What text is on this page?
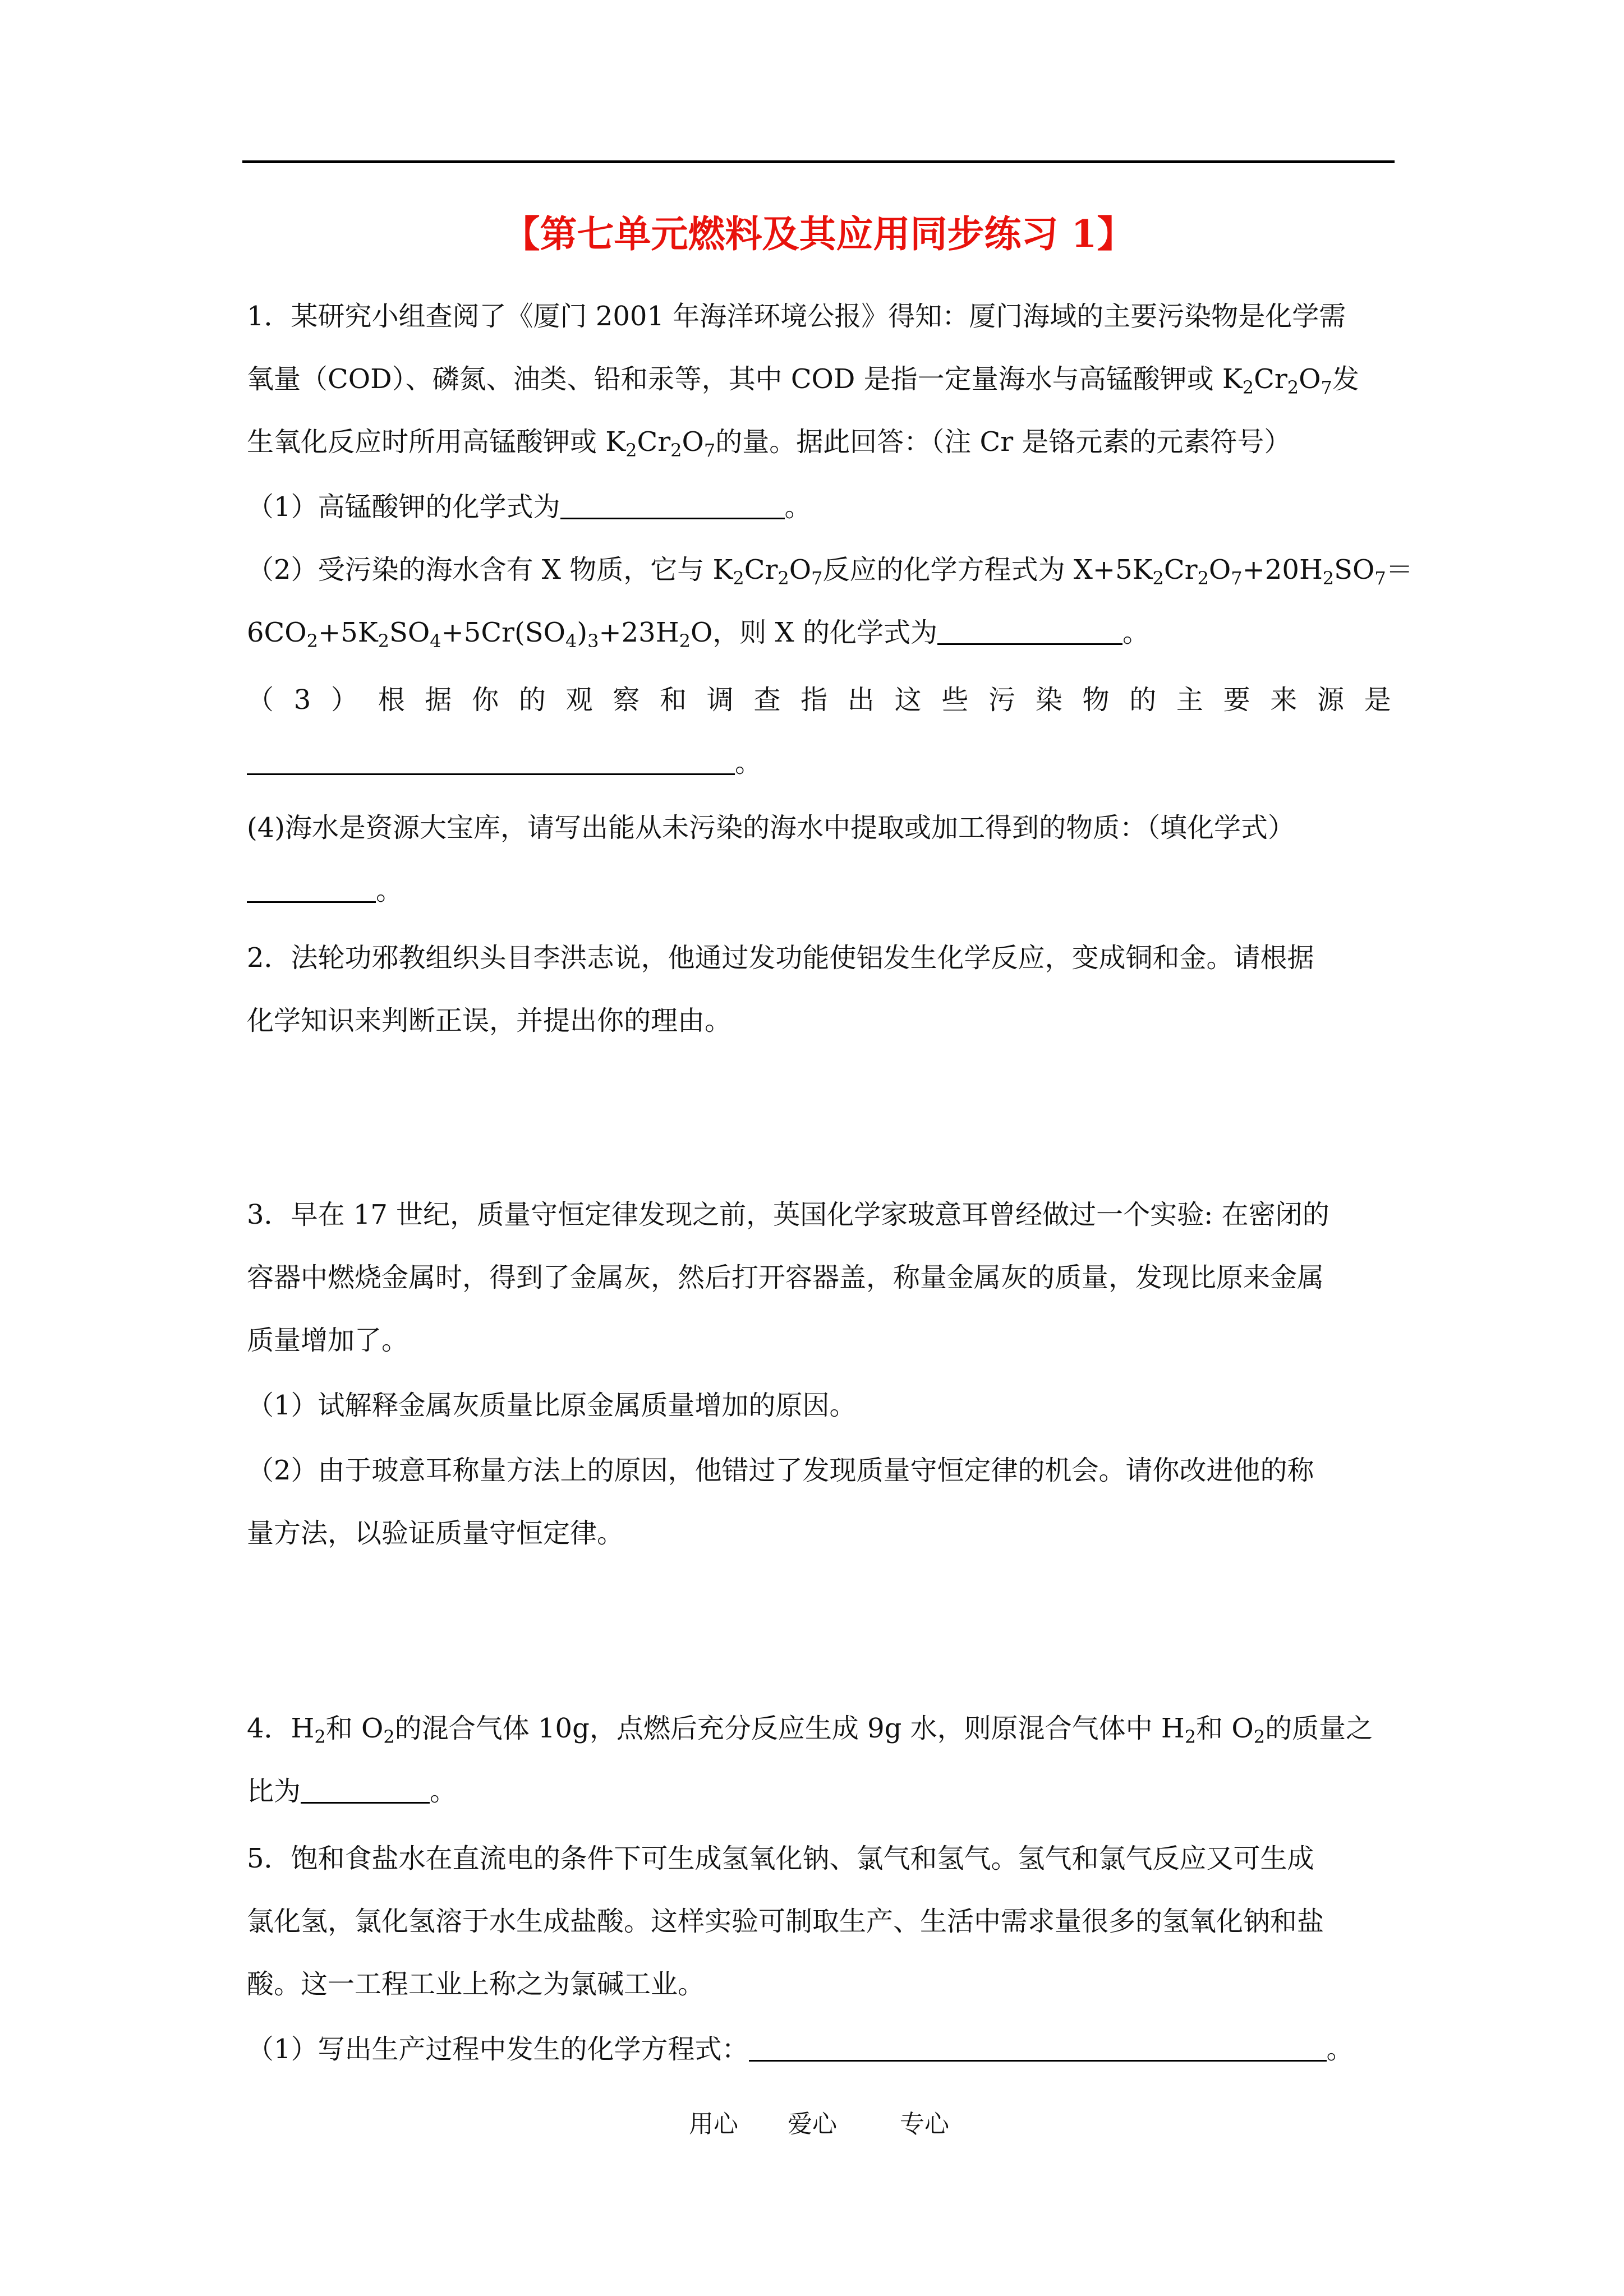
【第七单元燃料及其应用同步练习 1】
1．某研究小组查阅了《厦门 2001 年海洋环境公报》得知：厦门海域的主要污染物是化学需
氧量（COD）、磷氮、油类、铅和汞等，其中 COD 是指一定量海水与高锰酸钾或 $K_2Cr_2O_7$发
生氧化反应时所用高锰酸钾或 $K_2Cr_2O_7$的量。据此回答：（注 Cr 是铬元素的元素符号）
（1）高锰酸钾的化学式为	。
（2）受污染的海水含有 X 物质，它与 $K_2Cr_2O_7$反应的化学方程式为 $X+5K_2Cr_2O_7+20H_2SO_7=$
$6CO_2+5K_2SO_4+5Cr(SO_4)_3+23H_2O$，则 X 的化学式为	。
（ 3 ） 根 据 你 的 观 察 和 调 查 指 出 这 些 污 染 物 的 主 要 来 源 是
。
(4)海水是资源大宝库，请写出能从未污染的海水中提取或加工得到的物质：（填化学式）
。
2．法轮功邪教组织头目李洪志说，他通过发功能使铝发生化学反应，变成铜和金。请根据
化学知识来判断正误，并提出你的理由。
3．早在 17 世纪，质量守恒定律发现之前，英国化学家玻意耳曾经做过一个实验: 在密闭的
容器中燃烧金属时，得到了金属灰，然后打开容器盖，称量金属灰的质量，发现比原来金属
质量增加了。
（1）试解释金属灰质量比原金属质量增加的原因。
（2）由于玻意耳称量方法上的原因，他错过了发现质量守恒定律的机会。请你改进他的称
量方法，以验证质量守恒定律。
4．$H_2$和 $O_2$的混合气体 10g，点燃后充分反应生成 9g 水，则原混合气体中 $H_2$和 $O_2$的质量之
比为	。
5．饱和食盐水在直流电的条件下可生成氢氧化钠、氯气和氢气。氢气和氯气反应又可生成
氯化氢，氯化氢溶于水生成盐酸。这样实验可制取生产、生活中需求量很多的氢氧化钠和盐
酸。这一工程工业上称之为氯碱工业。
（1）写出生产过程中发生的化学方程式：	。
用心 爱心	专心
